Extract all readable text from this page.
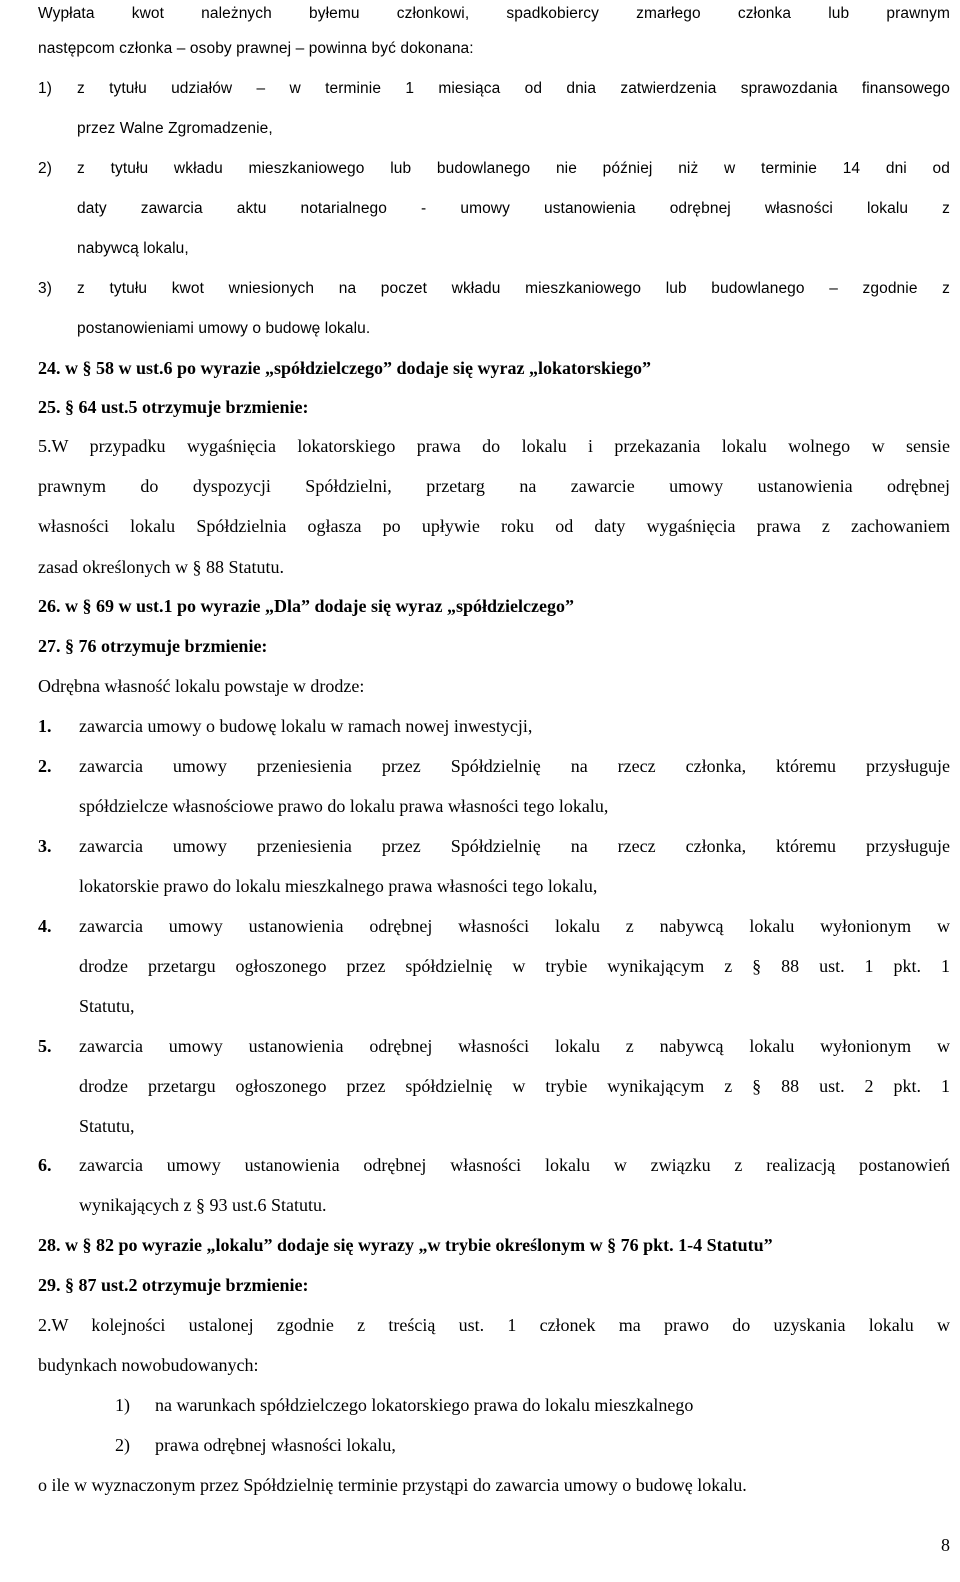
Wypłata kwot należnych byłemu członkowi, spadkobiercy zmarłego członka lub prawnym
następcom członka – osoby prawnej – powinna być dokonana:
1) z tytułu udziałów – w terminie 1 miesiąca od dnia zatwierdzenia sprawozdania finansowego
przez Walne Zgromadzenie,
2) z tytułu wkładu mieszkaniowego lub budowlanego nie później niż w terminie 14 dni od
daty zawarcia aktu notarialnego - umowy ustanowienia odrębnej własności lokalu z
nabywcą lokalu,
3) z tytułu kwot wniesionych na poczet wkładu mieszkaniowego lub budowlanego – zgodnie z
postanowieniami umowy o budowę lokalu.
24. w § 58 w ust.6 po wyrazie „spółdzielczego” dodaje się wyraz „lokatorskiego”
25. § 64 ust.5 otrzymuje brzmienie:
5.W przypadku wygaśnięcia lokatorskiego prawa do lokalu i przekazania lokalu wolnego w sensie
prawnym do dyspozycji Spółdzielni, przetarg na zawarcie umowy ustanowienia odrębnej
własności lokalu Spółdzielnia ogłasza po upływie roku od daty wygaśnięcia prawa z zachowaniem
zasad określonych w § 88 Statutu.
26. w § 69 w ust.1 po wyrazie „Dla” dodaje się wyraz „spółdzielczego”
27. § 76 otrzymuje brzmienie:
Odrębna własność lokalu powstaje w drodze:
1. zawarcia umowy o budowę lokalu w ramach nowej inwestycji,
2. zawarcia umowy przeniesienia przez Spółdzielnię na rzecz członka, któremu przysługuje
spółdzielcze własnościowe prawo do lokalu prawa własności tego lokalu,
3. zawarcia umowy przeniesienia przez Spółdzielnię na rzecz członka, któremu przysługuje
lokatorskie prawo do lokalu mieszkalnego prawa własności tego lokalu,
4. zawarcia umowy ustanowienia odrębnej własności lokalu z nabywcą lokalu wyłonionym w
drodze przetargu ogłoszonego przez spółdzielnię w trybie wynikającym z § 88 ust. 1 pkt. 1
Statutu,
5. zawarcia umowy ustanowienia odrębnej własności lokalu z nabywcą lokalu wyłonionym w
drodze przetargu ogłoszonego przez spółdzielnię w trybie wynikającym z § 88 ust. 2 pkt. 1
Statutu,
6. zawarcia umowy ustanowienia odrębnej własności lokalu w związku z realizacją postanowień
wynikających z § 93 ust.6 Statutu.
28. w § 82 po wyrazie „lokalu” dodaje się wyrazy „w trybie określonym w § 76 pkt. 1-4 Statutu”
29. § 87 ust.2 otrzymuje brzmienie:
2.W kolejności ustalonej zgodnie z treścią ust. 1 członek ma prawo do uzyskania lokalu w
budynkach nowobudowanych:
1) na warunkach spółdzielczego lokatorskiego prawa do lokalu mieszkalnego
2) prawa odrębnej własności lokalu,
o ile w wyznaczonym przez Spółdzielnię terminie przystąpi do zawarcia umowy o budowę lokalu.
8
